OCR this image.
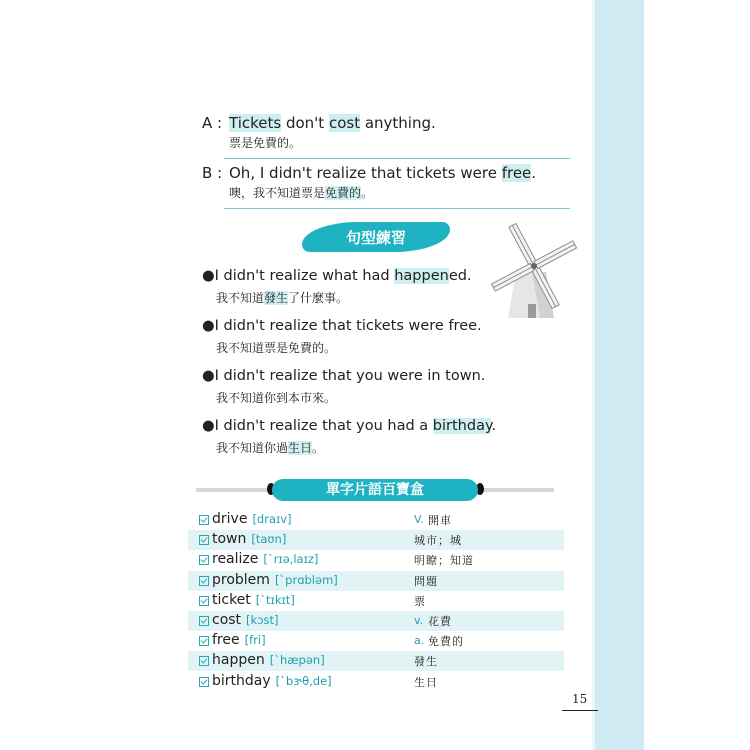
A : Tickets don't cost anything.
票是免費的。
B : Oh, I didn't realize that tickets were free.
噢，我不知道票是免費的。
句型練習
●I didn't realize what had happened.
我不知道發生了什麼事。
●I didn't realize that tickets were free.
我不知道票是免費的。
●I didn't realize that you were in town.
我不知道你到本市來。
●I didn't realize that you had a birthday.
我不知道你過生日。
單字片語百寶盒
drive [draɪv]	V. 開車
town [taʊn]	城市；城
realize [ˋrɪə,laɪz]	明瞭；知道
problem [ˋprɑbləm]	問題
ticket [ˋtɪkɪt]	票
cost [kɔst]	v. 花費
free [fri]	a. 免費的
happen [ˋhæpən]	發生
birthday [ˋbɝθ,de]	生日
15
